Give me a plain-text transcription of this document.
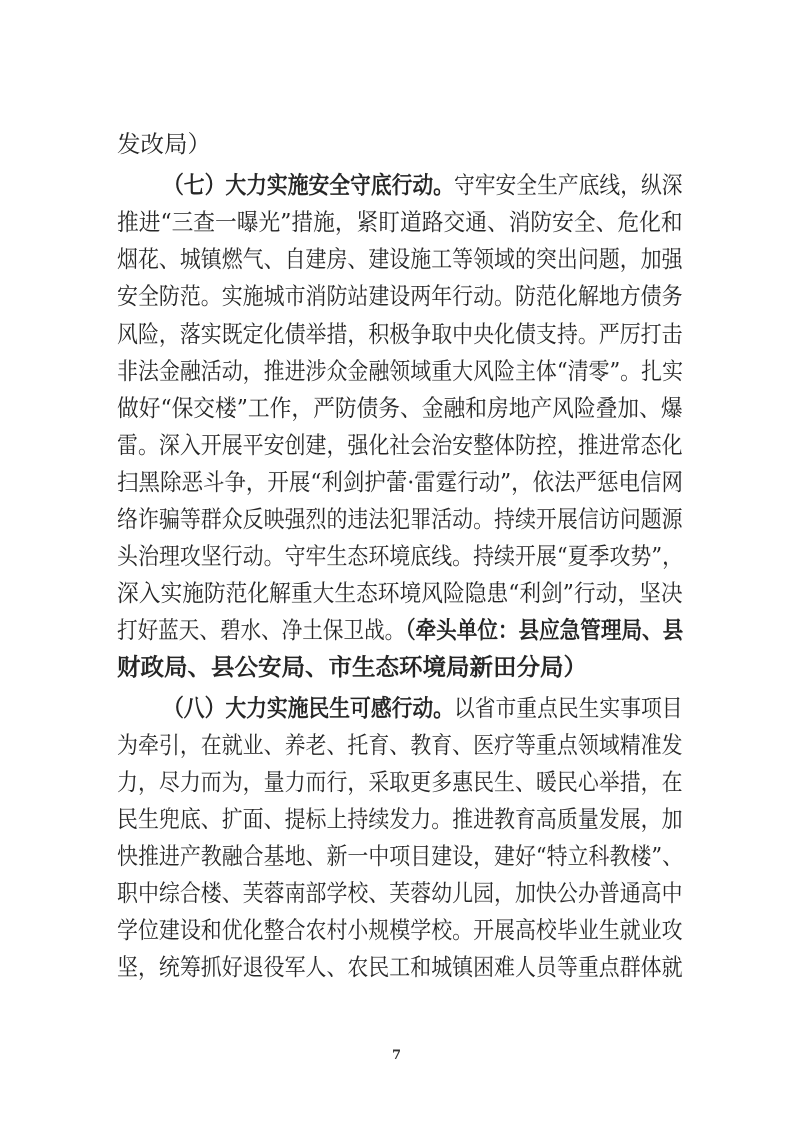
发改局）
（七）大力实施安全守底行动。守牢安全生产底线，纵深
推进“三查一曝光”措施，紧盯道路交通、消防安全、危化和
烟花、城镇燃气、自建房、建设施工等领域的突出问题，加强
安全防范。实施城市消防站建设两年行动。防范化解地方债务
风险，落实既定化债举措，积极争取中央化债支持。严厉打击
非法金融活动，推进涉众金融领域重大风险主体“清零”。扎实
做好“保交楼”工作，严防债务、金融和房地产风险叠加、爆
雷。深入开展平安创建，强化社会治安整体防控，推进常态化
扫黑除恶斗争，开展“利剑护蕾·雷霆行动”，依法严惩电信网
络诈骗等群众反映强烈的违法犯罪活动。持续开展信访问题源
头治理攻坚行动。守牢生态环境底线。持续开展“夏季攻势”，
深入实施防范化解重大生态环境风险隐患“利剑”行动，坚决
打好蓝天、碧水、净土保卫战。（牵头单位：县应急管理局、县
财政局、县公安局、市生态环境局新田分局）
（八）大力实施民生可感行动。以省市重点民生实事项目
为牵引，在就业、养老、托育、教育、医疗等重点领域精准发
力，尽力而为，量力而行，采取更多惠民生、暖民心举措，在
民生兜底、扩面、提标上持续发力。推进教育高质量发展，加
快推进产教融合基地、新一中项目建设，建好“特立科教楼”、
职中综合楼、芙蓉南部学校、芙蓉幼儿园，加快公办普通高中
学位建设和优化整合农村小规模学校。开展高校毕业生就业攻
坚，统筹抓好退役军人、农民工和城镇困难人员等重点群体就
7
